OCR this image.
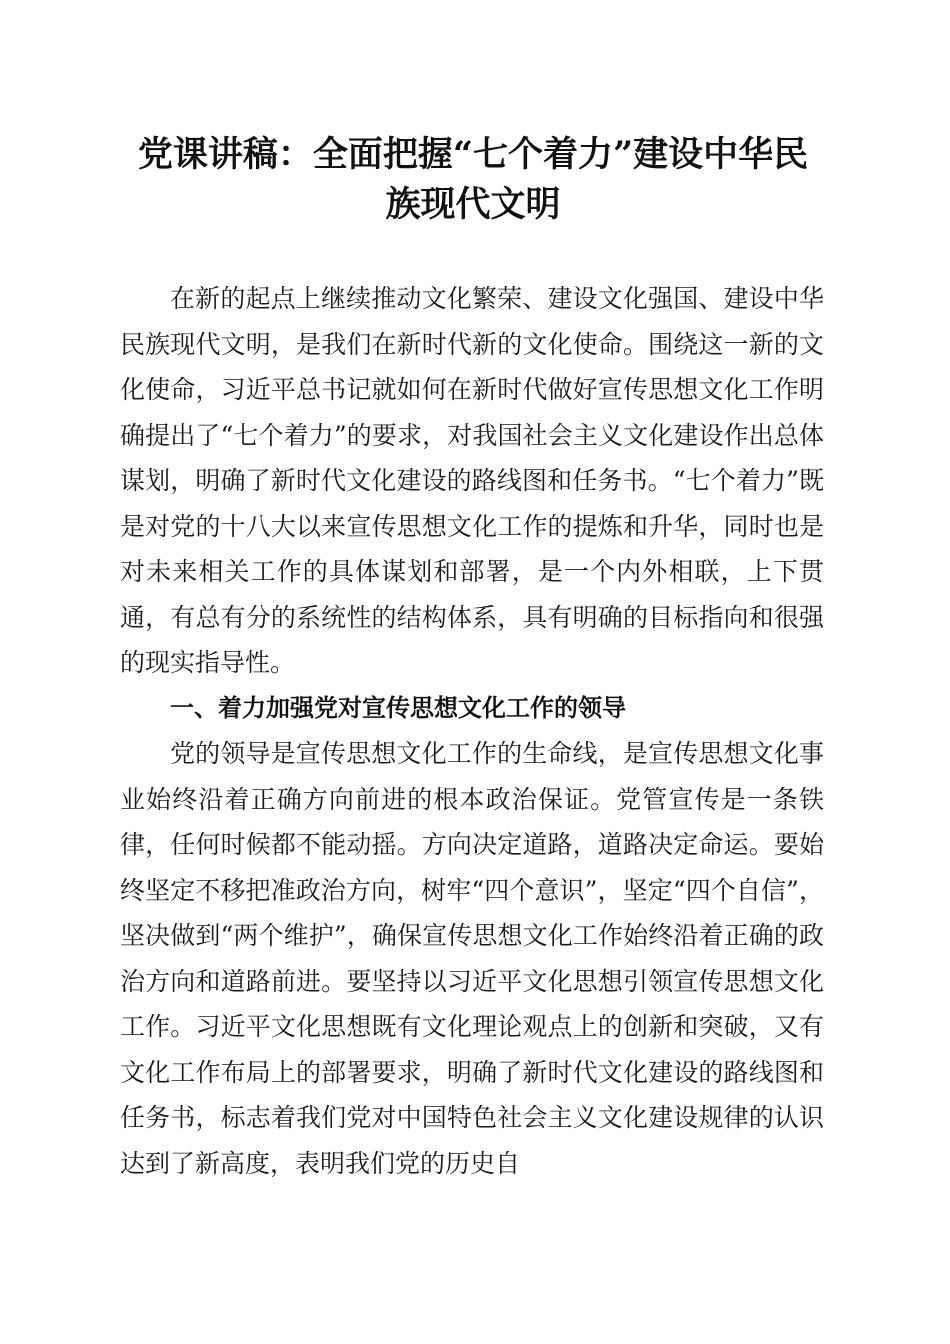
党课讲稿：全面把握“七个着力”建设中华民
族现代文明

在新的起点上继续推动文化繁荣、建设文化强国、建设中华民族现代文明，是我们在新时代新的文化使命。围绕这一新的文化使命，习近平总书记就如何在新时代做好宣传思想文化工作明确提出了“七个着力”的要求，对我国社会主义文化建设作出总体谋划，明确了新时代文化建设的路线图和任务书。“七个着力”既是对党的十八大以来宣传思想文化工作的提炼和升华，同时也是对未来相关工作的具体谋划和部署，是一个内外相联，上下贯通，有总有分的系统性的结构体系，具有明确的目标指向和很强的现实指导性。

一、着力加强党对宣传思想文化工作的领导

党的领导是宣传思想文化工作的生命线，是宣传思想文化事业始终沿着正确方向前进的根本政治保证。党管宣传是一条铁律，任何时候都不能动摇。方向决定道路，道路决定命运。要始终坚定不移把准政治方向，树牢“四个意识”，坚定“四个自信”，坚决做到“两个维护”，确保宣传思想文化工作始终沿着正确的政治方向和道路前进。要坚持以习近平文化思想引领宣传思想文化工作。习近平文化思想既有文化理论观点上的创新和突破，又有文化工作布局上的部署要求，明确了新时代文化建设的路线图和任务书，标志着我们党对中国特色社会主义文化建设规律的认识达到了新高度，表明我们党的历史自
